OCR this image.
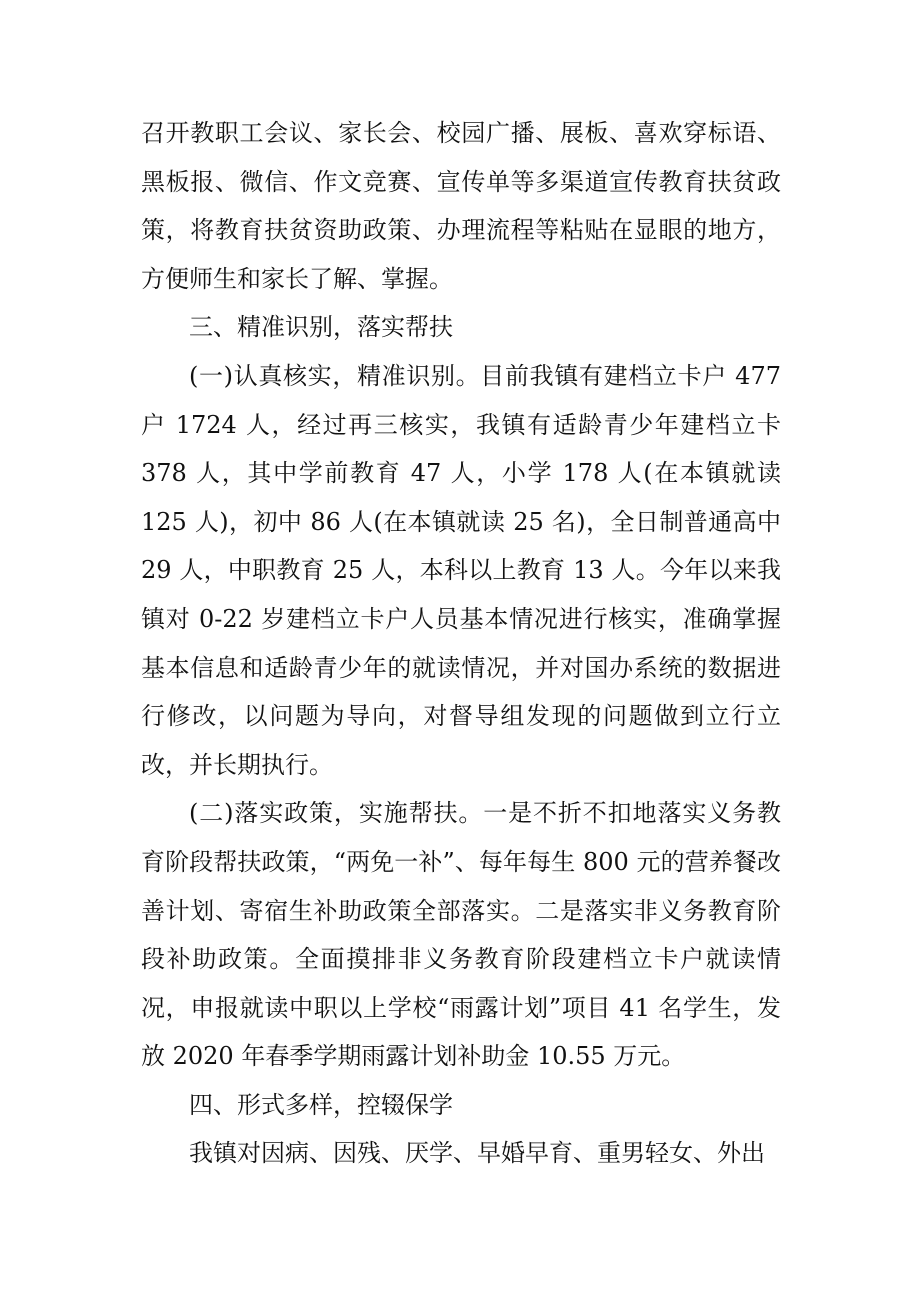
召开教职工会议、家长会、校园广播、展板、喜欢穿标语、黑板报、微信、作文竞赛、宣传单等多渠道宣传教育扶贫政策，将教育扶贫资助政策、办理流程等粘贴在显眼的地方，方便师生和家长了解、掌握。

三、精准识别，落实帮扶

(一)认真核实，精准识别。目前我镇有建档立卡户 477 户 1724 人，经过再三核实，我镇有适龄青少年建档立卡 378 人，其中学前教育 47 人，小学 178 人(在本镇就读 125 人)，初中 86 人(在本镇就读 25 名)，全日制普通高中 29 人，中职教育 25 人，本科以上教育 13 人。今年以来我镇对 0-22 岁建档立卡户人员基本情况进行核实，准确掌握基本信息和适龄青少年的就读情况，并对国办系统的数据进行修改，以问题为导向，对督导组发现的问题做到立行立改，并长期执行。

(二)落实政策，实施帮扶。一是不折不扣地落实义务教育阶段帮扶政策，“两免一补”、每年每生 800 元的营养餐改善计划、寄宿生补助政策全部落实。二是落实非义务教育阶段补助政策。全面摸排非义务教育阶段建档立卡户就读情况，申报就读中职以上学校“雨露计划”项目 41 名学生，发放 2020 年春季学期雨露计划补助金 10.55 万元。

四、形式多样，控辍保学

我镇对因病、因残、厌学、早婚早育、重男轻女、外出
